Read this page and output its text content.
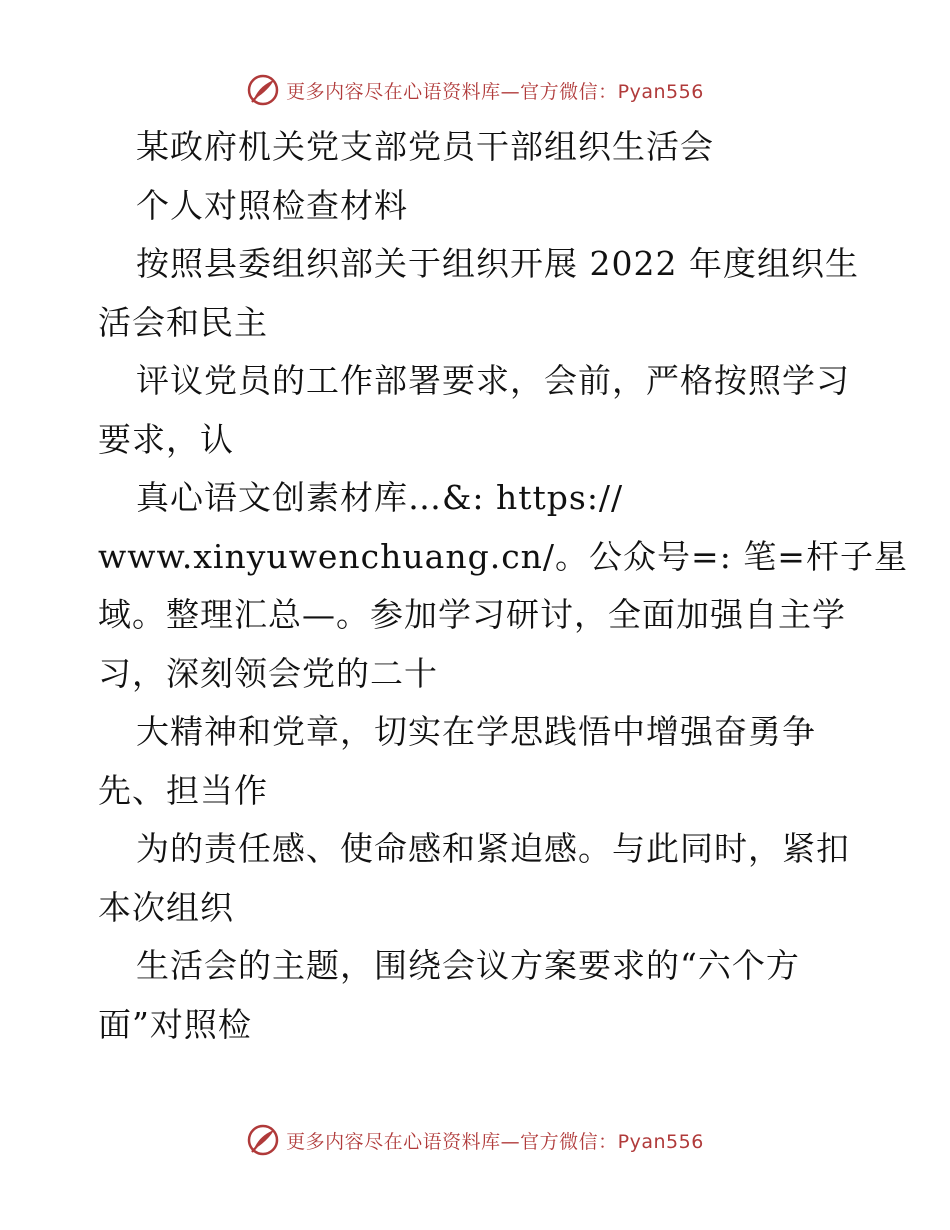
更多内容尽在心语资料库—官方微信：Pyan556
某政府机关党支部党员干部组织生活会
个人对照检查材料
按照县委组织部关于组织开展 2022 年度组织生
活会和民主
评议党员的工作部署要求，会前，严格按照学习
要求，认
真心语文创素材库…&: https://
www.xinyuwenchuang.cn/。公众号=: 笔=杆子星
域。整理汇总—。参加学习研讨，全面加强自主学
习，深刻领会党的二十
大精神和党章，切实在学思践悟中增强奋勇争
先、担当作
为的责任感、使命感和紧迫感。与此同时，紧扣
本次组织
生活会的主题，围绕会议方案要求的“六个方
面”对照检
更多内容尽在心语资料库—官方微信：Pyan556
